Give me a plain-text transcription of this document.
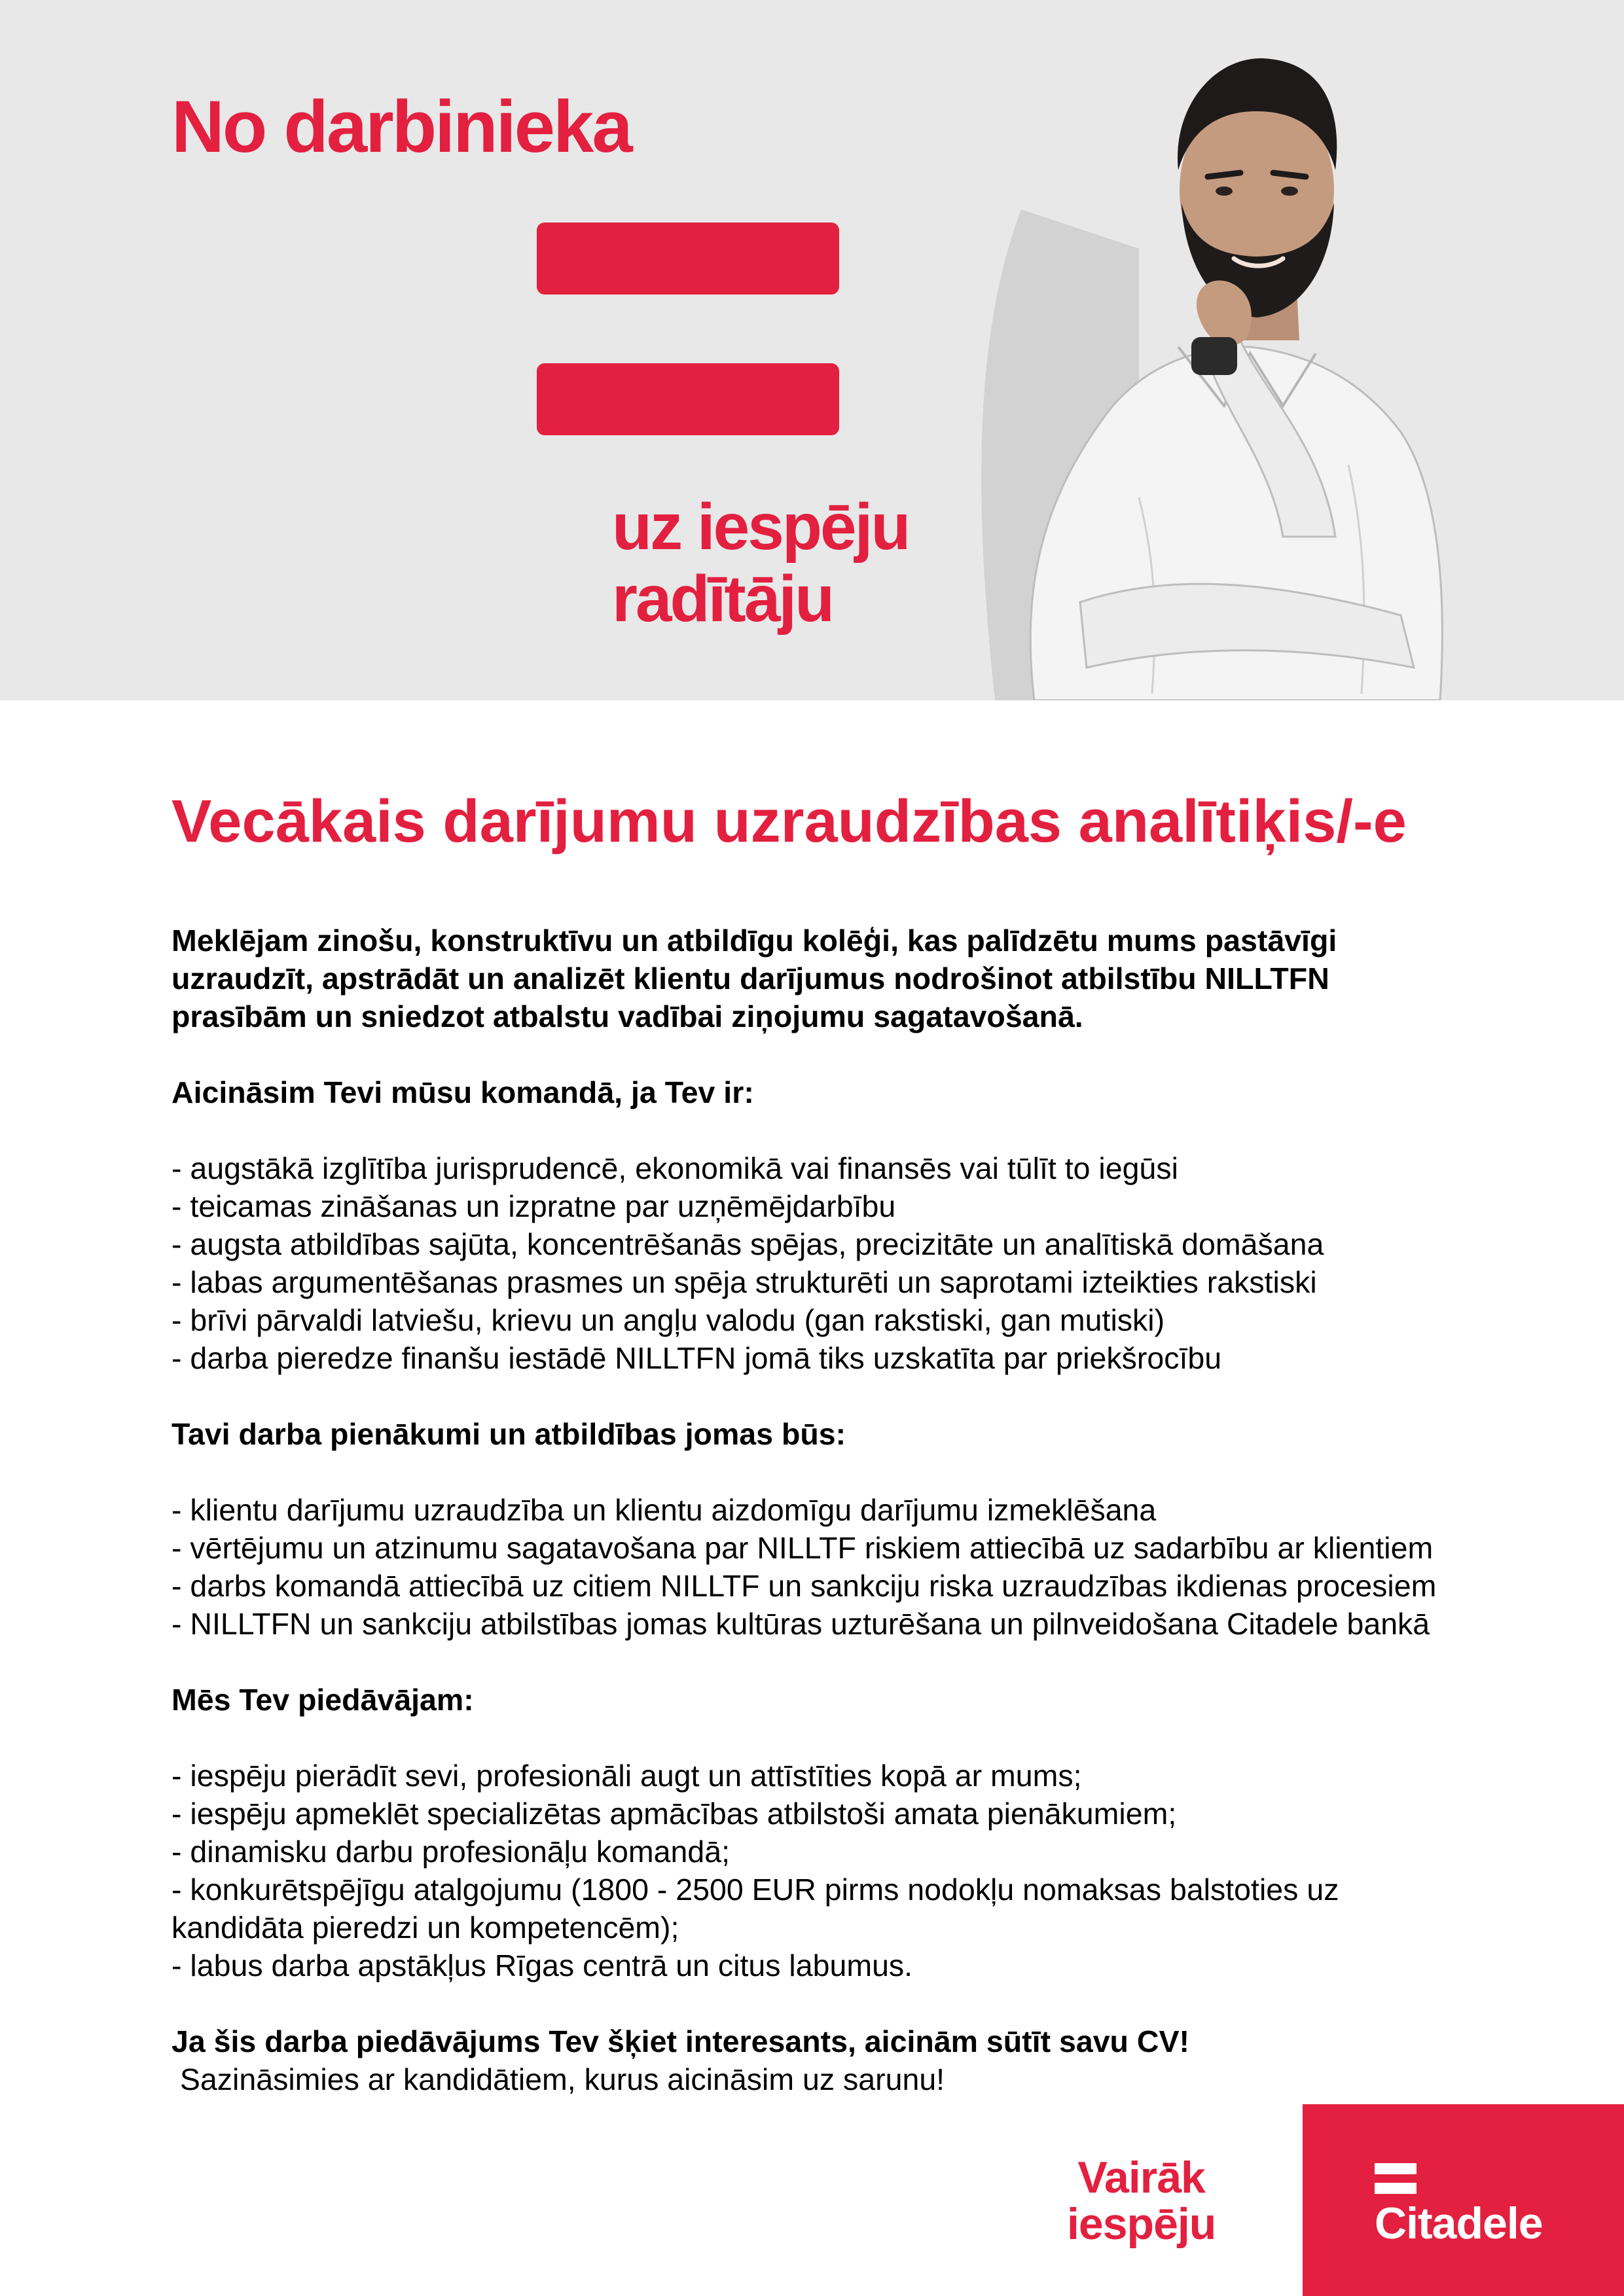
No darbinieka
uz iespēju
radītāju
Vecākais darījumu uzraudzības analītiķis/-e

Meklējam zinošu, konstruktīvu un atbildīgu kolēģi, kas palīdzētu mums pastāvīgi

uzraudzīt, apstrādāt un analizēt klientu darījumus nodrošinot atbilstību NILLTFN

prasībām un sniedzot atbalstu vadībai ziņojumu sagatavošanā.

Aicināsim Tevi mūsu komandā, ja Tev ir:

- augstākā izglītība jurisprudencē, ekonomikā vai finansēs vai tūlīt to iegūsi
- teicamas zināšanas un izpratne par uzņēmējdarbību
- augsta atbildības sajūta, koncentrēšanās spējas, precizitāte un analītiskā domāšana
- labas argumentēšanas prasmes un spēja strukturēti un saprotami izteikties rakstiski
- brīvi pārvaldi latviešu, krievu un angļu valodu (gan rakstiski, gan mutiski)
- darba pieredze finanšu iestādē NILLTFN jomā tiks uzskatīta par priekšrocību

Tavi darba pienākumi un atbildības jomas būs:

- klientu darījumu uzraudzība un klientu aizdomīgu darījumu izmeklēšana
- vērtējumu un atzinumu sagatavošana par NILLTF riskiem attiecībā uz sadarbību ar klientiem
- darbs komandā attiecībā uz citiem NILLTF un sankciju riska uzraudzības ikdienas procesiem
- NILLTFN un sankciju atbilstības jomas kultūras uzturēšana un pilnveidošana Citadele bankā

Mēs Tev piedāvājam:

- iespēju pierādīt sevi, profesionāli augt un attīstīties kopā ar mums;
- iespēju apmeklēt specializētas apmācības atbilstoši amata pienākumiem;
- dinamisku darbu profesionāļu komandā;
- konkurētspējīgu atalgojumu (1800 - 2500 EUR pirms nodokļu nomaksas balstoties uz
kandidāta pieredzi un kompetencēm);
- labus darba apstākļus Rīgas centrā un citus labumus.

Ja šis darba piedāvājums Tev šķiet interesants, aicinām sūtīt savu CV!

Sazināsimies ar kandidātiem, kurus aicināsim uz sarunu!

Vairāk
iespēju	Citadele
